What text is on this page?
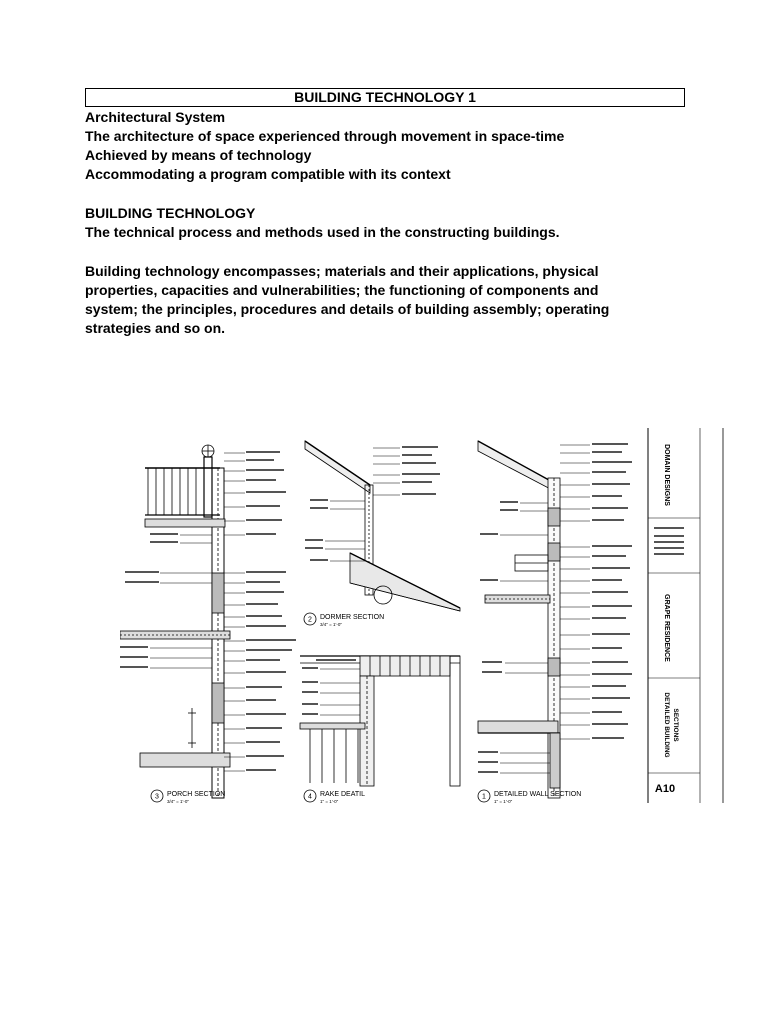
BUILDING TECHNOLOGY 1
Architectural System
The architecture of space experienced through movement in space-time
Achieved by means of technology
Accommodating a program compatible with its context
BUILDING TECHNOLOGY
The technical process and methods used in the constructing buildings.
Building technology encompasses; materials and their applications, physical
properties, capacities and vulnerabilities; the functioning of components and
system; the principles, procedures and details of building assembly; operating
strategies and so on.
2 DORMER SECTION
3/4" = 1'-0"
4 RAKE DEATIL
1" = 1'-0"
3 PORCH SECTION
3/4" = 1'-0"
1 DETAILED WALL SECTION
1" = 1'-0"
DOMAIN DESIGNS
GRAPE RESIDENCE
DETAILED BUILDING SECTIONS
A10
